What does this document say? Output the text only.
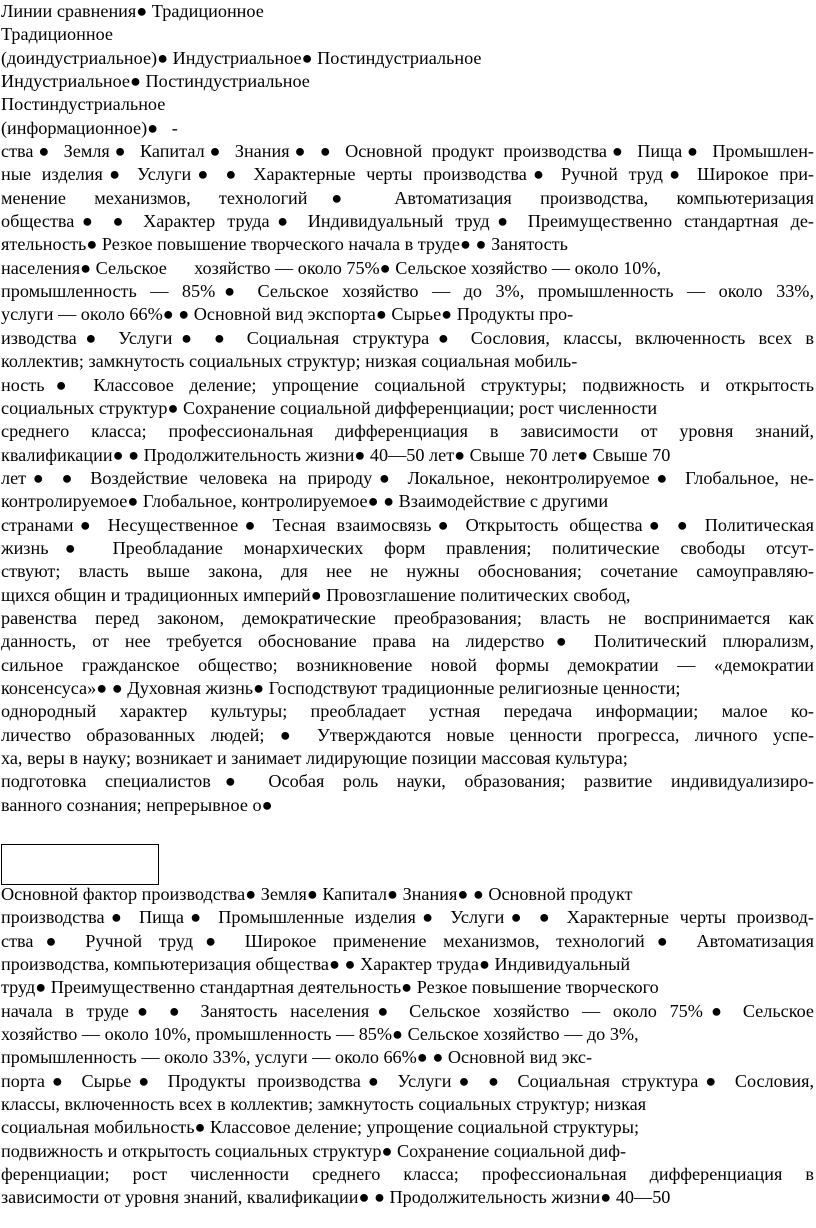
Линии сравнения● Традиционное
Традиционное
(доиндустриальное)● Индустриальное● Постиндустриальное
Индустриальное● Постиндустриальное
Постиндустриальное
(информационное)●   -
ства● Земля● Капитал● Знания● ● Основной продукт производства● Пища● Промышлен-
ные изделия● Услуги● ● Характерные черты производства● Ручной труд● Широкое при-
менение механизмов, технологий● Автоматизация производства, компьютеризация
общества● ● Характер труда● Индивидуальный труд● Преимущественно стандартная де-
ятельность● Резкое повышение творческого начала в труде● ● Занятость
населения● Сельское      хозяйство — около 75%● Сельское хозяйство — около 10%,
промышленность — 85%● Сельское хозяйство — до 3%, промышленность — около 33%,
услуги — около 66%● ● Основной вид экспорта● Сырье● Продукты про-
изводства● Услуги● ● Социальная структура● Сословия, классы, включенность всех в
коллектив; замкнутость социальных структур; низкая социальная мобиль-
ность● Классовое деление; упрощение социальной структуры; подвижность и открытость
социальных структур● Сохранение социальной дифференциации; рост численности
среднего класса; профессиональная дифференциация в зависимости от уровня знаний,
квалификации● ● Продолжительность жизни● 40—50 лет● Свыше 70 лет● Свыше 70
лет● ● Воздействие человека на природу● Локальное, неконтролируемое● Глобальное, не-
контролируемое● Глобальное, контролируемое● ● Взаимодействие с другими
странами● Несущественное● Тесная взаимосвязь● Открытость общества● ● Политическая
жизнь● Преобладание монархических форм правления; политические свободы отсут-
ствуют; власть выше закона, для нее не нужны обоснования; сочетание самоуправляю-
щихся общин и традиционных империй● Провозглашение политических свобод,
равенства перед законом, демократические преобразования; власть не воспринимается как
данность, от нее требуется обоснование права на лидерство● Политический плюрализм,
сильное гражданское общество; возникновение новой формы демократии — «демократии
консенсуса»● ● Духовная жизнь● Господствуют традиционные религиозные ценности;
однородный характер культуры; преобладает устная передача информации; малое ко-
личество образованных людей; ● Утверждаются новые ценности прогресса, личного успе-
ха, веры в науку; возникает и занимает лидирующие позиции массовая культура;
подготовка специалистов● Особая роль науки, образования; развитие индивидуализиро-
ванного сознания; непрерывное о●
Основной фактор производства● Земля● Капитал● Знания● ● Основной продукт
производства● Пища● Промышленные изделия● Услуги● ● Характерные черты производ-
ства● Ручной труд● Широкое применение механизмов, технологий● Автоматизация
производства, компьютеризация общества● ● Характер труда● Индивидуальный
труд● Преимущественно стандартная деятельность● Резкое повышение творческого
начала в труде● ● Занятость населения● Сельское хозяйство — около 75%● Сельское
хозяйство — около 10%, промышленность — 85%● Сельское хозяйство — до 3%,
промышленность — около 33%, услуги — около 66%● ● Основной вид экс-
порта● Сырье● Продукты производства● Услуги● ● Социальная структура● Сословия,
классы, включенность всех в коллектив; замкнутость социальных структур; низкая
социальная мобильность● Классовое деление; упрощение социальной структуры;
подвижность и открытость социальных структур● Сохранение социальной диф-
ференциации; рост численности среднего класса; профессиональная дифференциация в
зависимости от уровня знаний, квалификации● ● Продолжительность жизни● 40—50
